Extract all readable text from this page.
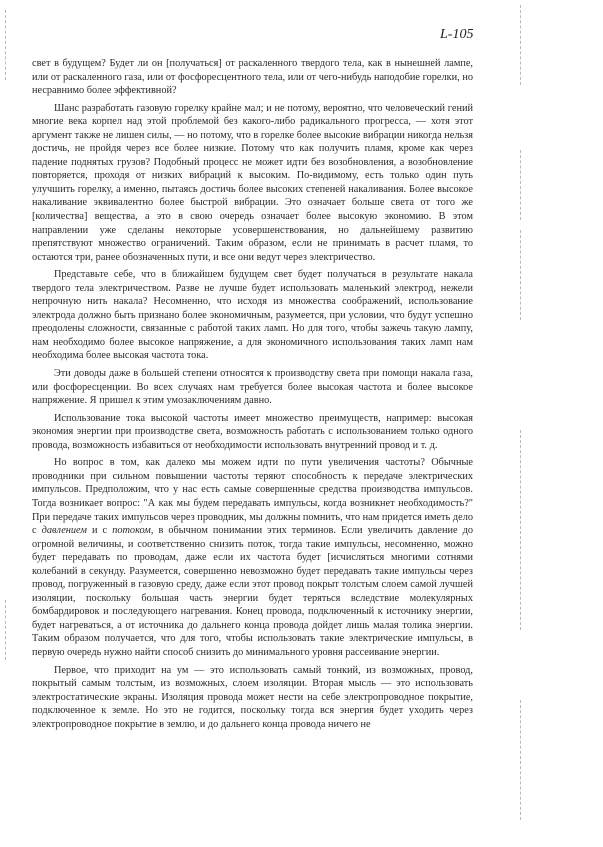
L-105

свет в будущем? Будет ли он [получаться] от раскаленного твердого тела, как в нынешней лампе, или от раскаленного газа, или от фосфоресцентного тела, или от чего-нибудь наподобие горелки, но несравнимо более эффективной?

Шанс разработать газовую горелку крайне мал; и не потому, вероятно, что человеческий гений многие века корпел над этой проблемой без какого-либо радикального прогресса, — хотя этот аргумент также не лишен силы, — но потому, что в горелке более высокие вибрации никогда нельзя достичь, не пройдя через все более низкие. Потому что как получить пламя, кроме как через падение поднятых грузов? Подобный процесс не может идти без возобновления, а возобновление повторяется, проходя от низких вибраций к высоким. По-видимому, есть только один путь улучшить горелку, а именно, пытаясь достичь более высоких степеней накаливания. Более высокое накаливание эквивалентно более быстрой вибрации. Это означает больше света от того же [количества] вещества, а это в свою очередь означает более высокую экономию. В этом направлении уже сделаны некоторые усовершенствования, но дальнейшему развитию препятствуют множество ограничений. Таким образом, если не принимать в расчет пламя, то остаются три, ранее обозначенных пути, и все они ведут через электричество.

Представьте себе, что в ближайшем будущем свет будет получаться в результате накала твердого тела электричеством. Разве не лучше будет использовать маленький электрод, нежели непрочную нить накала? Несомненно, что исходя из множества соображений, использование электрода должно быть признано более экономичным, разумеется, при условии, что будут успешно преодолены сложности, связанные с работой таких ламп. Но для того, чтобы зажечь такую лампу, нам необходимо более высокое напряжение, а для экономичного использования таких ламп нам необходима более высокая частота тока.

Эти доводы даже в большей степени относятся к производству света при помощи накала газа, или фосфоресценции. Во всех случаях нам требуется более высокая частота и более высокое напряжение. Я пришел к этим умозаключениям давно.

Использование тока высокой частоты имеет множество преимуществ, например: высокая экономия энергии при производстве света, возможность работать с использованием только одного провода, возможность избавиться от необходимости использовать внутренний провод и т. д.

Но вопрос в том, как далеко мы можем идти по пути увеличения частоты? Обычные проводники при сильном повышении частоты теряют способность к передаче электрических импульсов. Предположим, что у нас есть самые совершенные средства производства импульсов. Тогда возникает вопрос: "А как мы будем передавать импульсы, когда возникнет необходимость?" При передаче таких импульсов через проводник, мы должны помнить, что нам придется иметь дело с давлением и с потоком, в обычном понимании этих терминов. Если увеличить давление до огромной величины, и соответственно снизить поток, тогда такие импульсы, несомненно, можно будет передавать по проводам, даже если их частота будет [исчисляться многими сотнями колебаний в секунду. Разумеется, совершенно невозможно будет передавать такие импульсы через провод, погруженный в газовую среду, даже если этот провод покрыт толстым слоем самой лучшей изоляции, поскольку большая часть энергии будет теряться вследствие молекулярных бомбардировок и последующего нагревания. Конец провода, подключенный к источнику энергии, будет нагреваться, а от источника до дальнего конца провода дойдет лишь малая толика энергии. Таким образом получается, что для того, чтобы использовать такие электрические импульсы, в первую очередь нужно найти способ снизить до минимального уровня рассеивание энергии.

Первое, что приходит на ум — это использовать самый тонкий, из возможных, провод, покрытый самым толстым, из возможных, слоем изоляции. Вторая мысль — это использовать электростатические экраны. Изоляция провода может нести на себе электропроводное покрытие, подключенное к земле. Но это не годится, поскольку тогда вся энергия будет уходить через электропроводное покрытие в землю, и до дальнего конца провода ничего не
